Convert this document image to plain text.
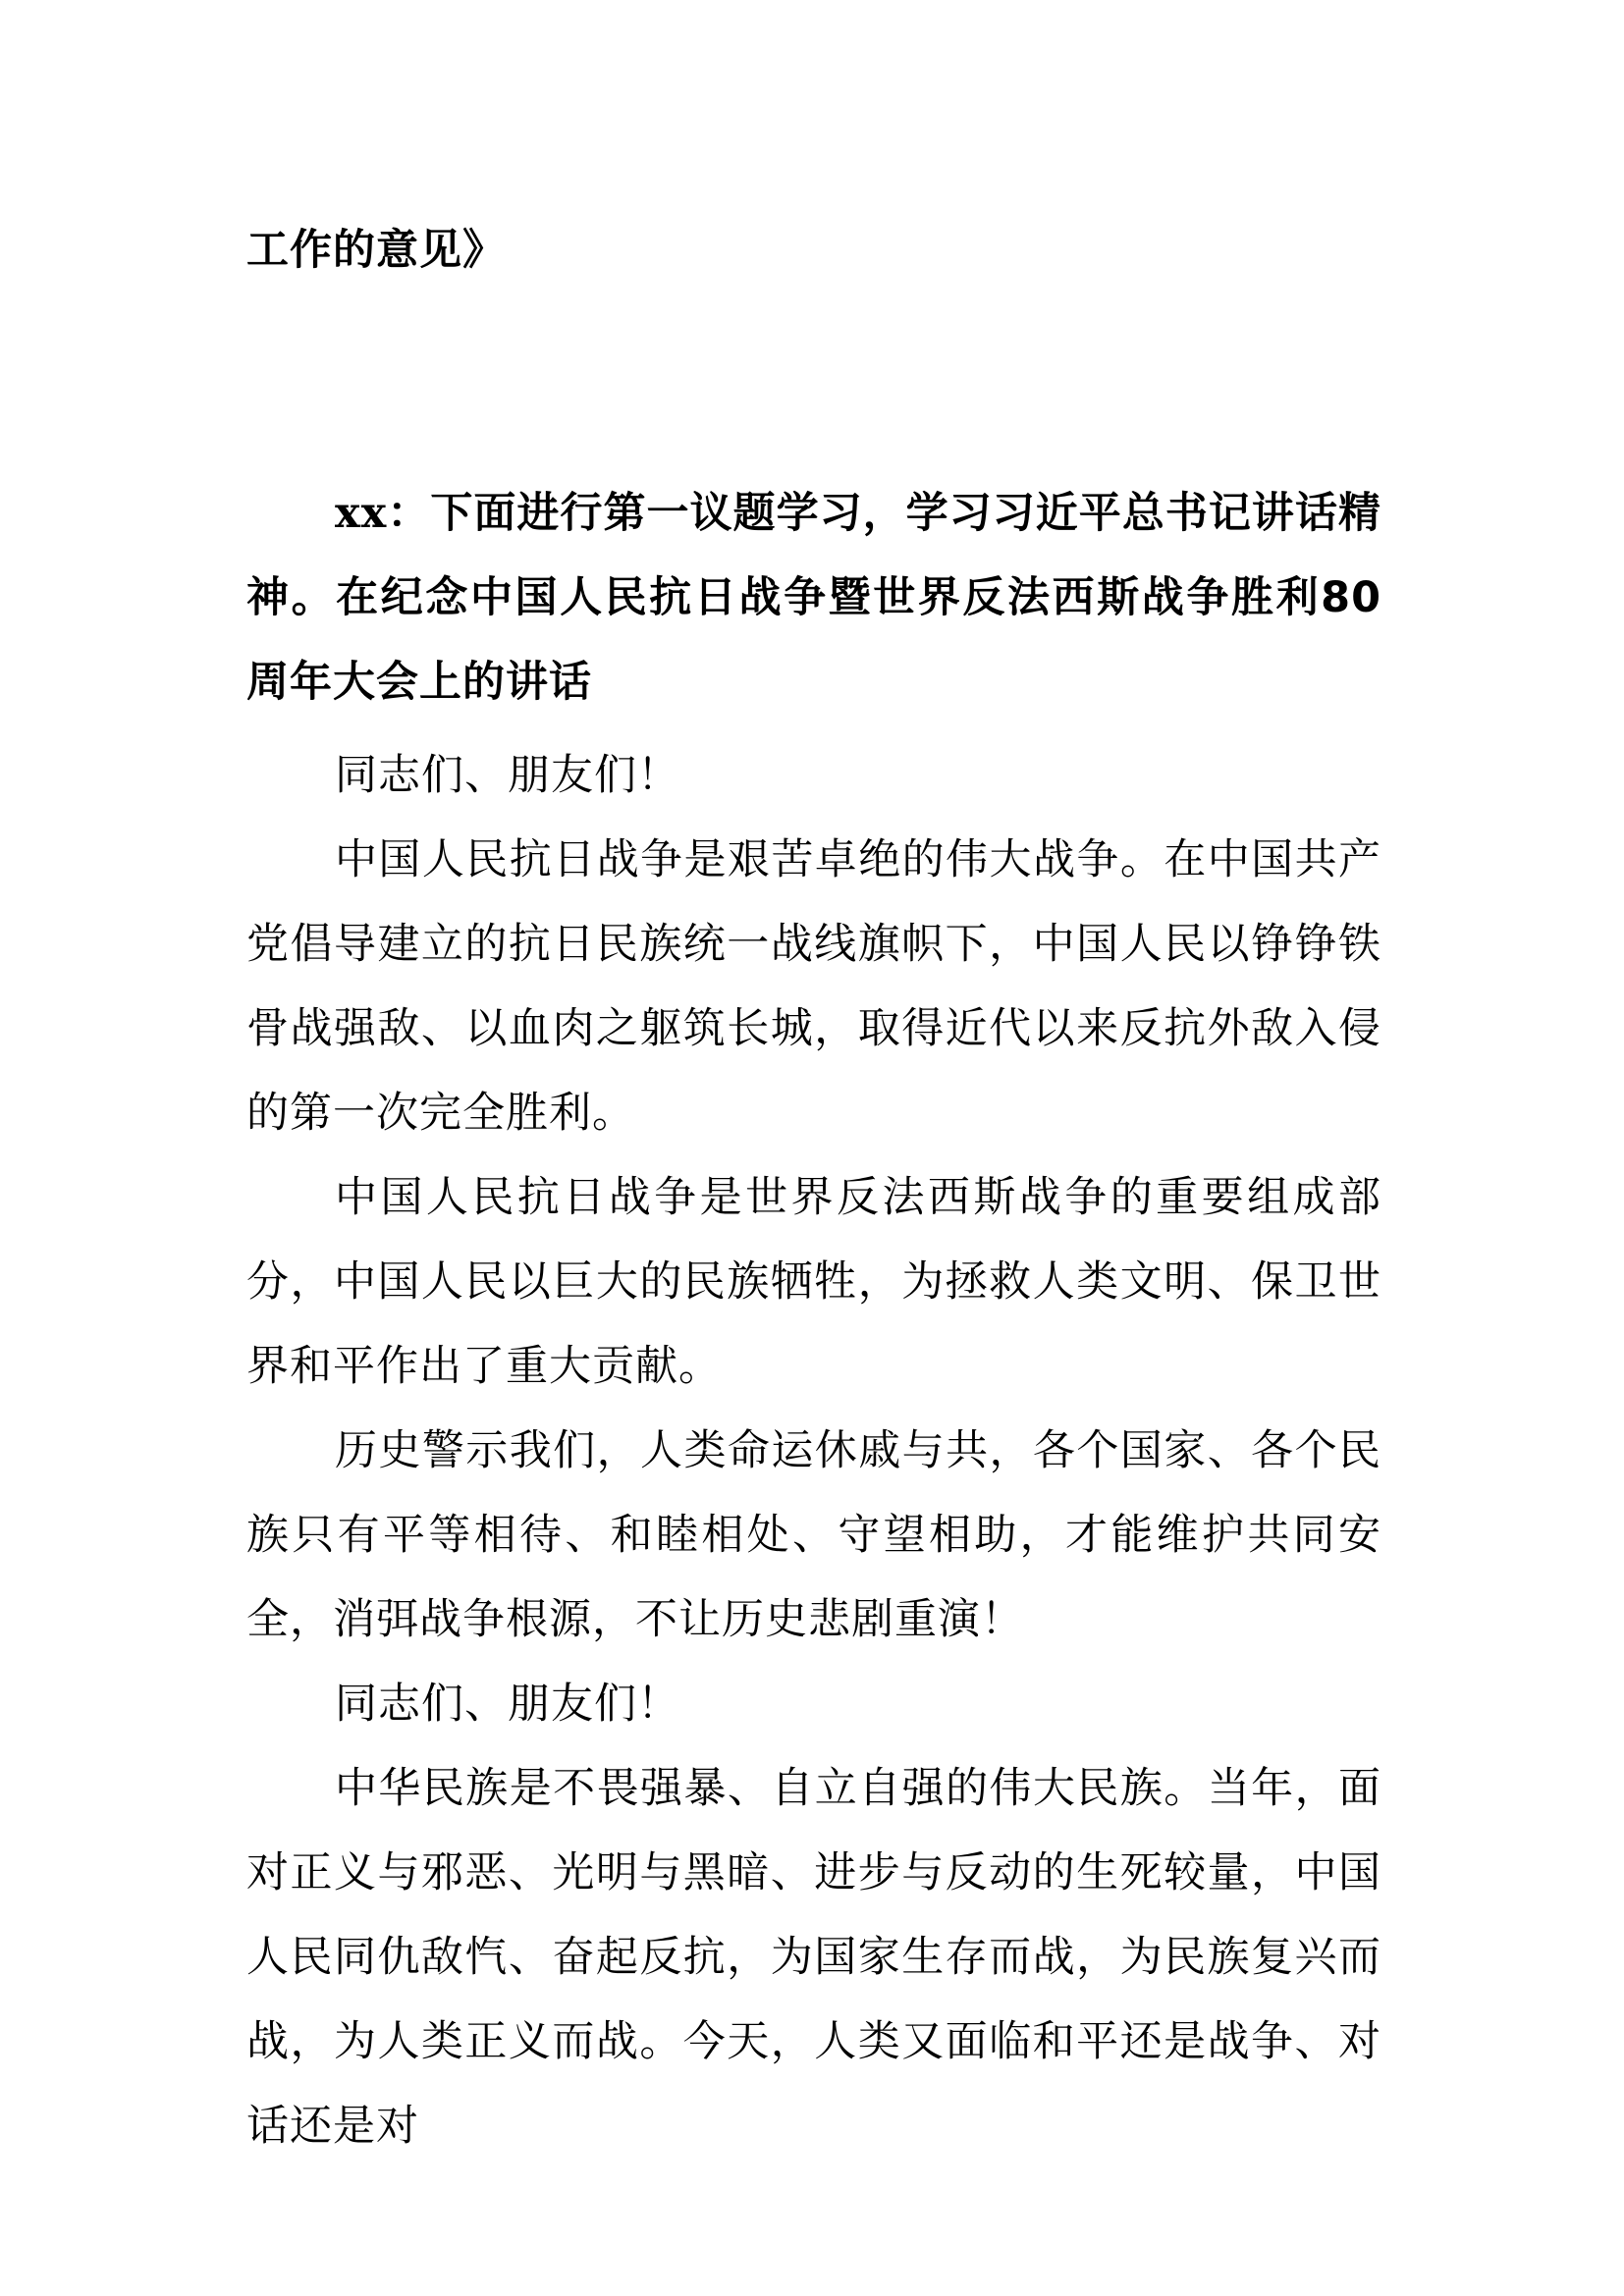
工作的意见》

xx：下面进行第一议题学习，学习习近平总书记讲话精神。在纪念中国人民抗日战争暨世界反法西斯战争胜利80周年大会上的讲话

同志们、朋友们！

中国人民抗日战争是艰苦卓绝的伟大战争。在中国共产党倡导建立的抗日民族统一战线旗帜下，中国人民以铮铮铁骨战强敌、以血肉之躯筑长城，取得近代以来反抗外敌入侵的第一次完全胜利。

中国人民抗日战争是世界反法西斯战争的重要组成部分，中国人民以巨大的民族牺牲，为拯救人类文明、保卫世界和平作出了重大贡献。

历史警示我们，人类命运休戚与共，各个国家、各个民族只有平等相待、和睦相处、守望相助，才能维护共同安全，消弭战争根源，不让历史悲剧重演！

同志们、朋友们！

中华民族是不畏强暴、自立自强的伟大民族。当年，面对正义与邪恶、光明与黑暗、进步与反动的生死较量，中国人民同仇敌忾、奋起反抗，为国家生存而战，为民族复兴而战，为人类正义而战。今天，人类又面临和平还是战争、对话还是对
